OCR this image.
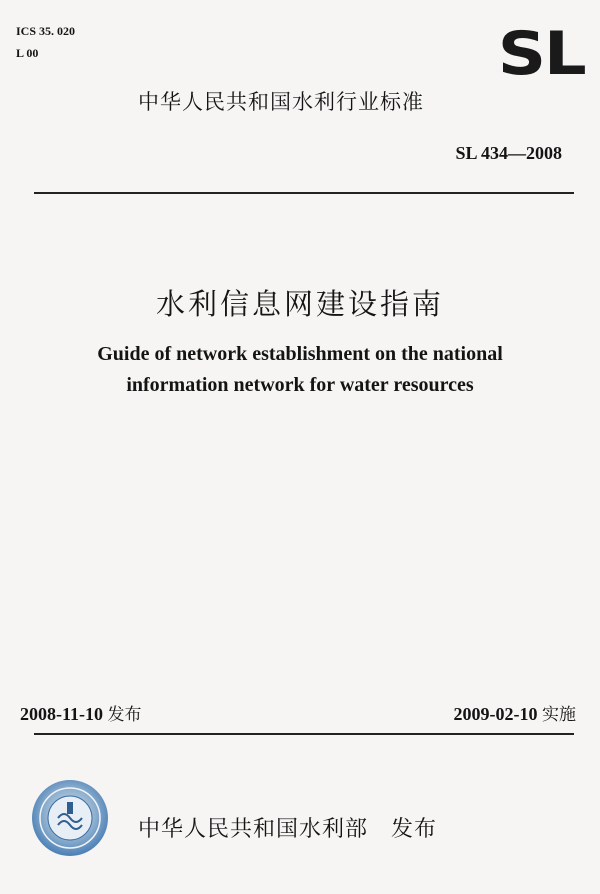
ICS 35. 020
L 00	SL
中华人民共和国水利行业标准
SL 434—2008
水利信息网建设指南
Guide of network establishment on the national
information network for water resources
2008-11-10 发布	2009-02-10 实施
中华人民共和国水利部　发布
